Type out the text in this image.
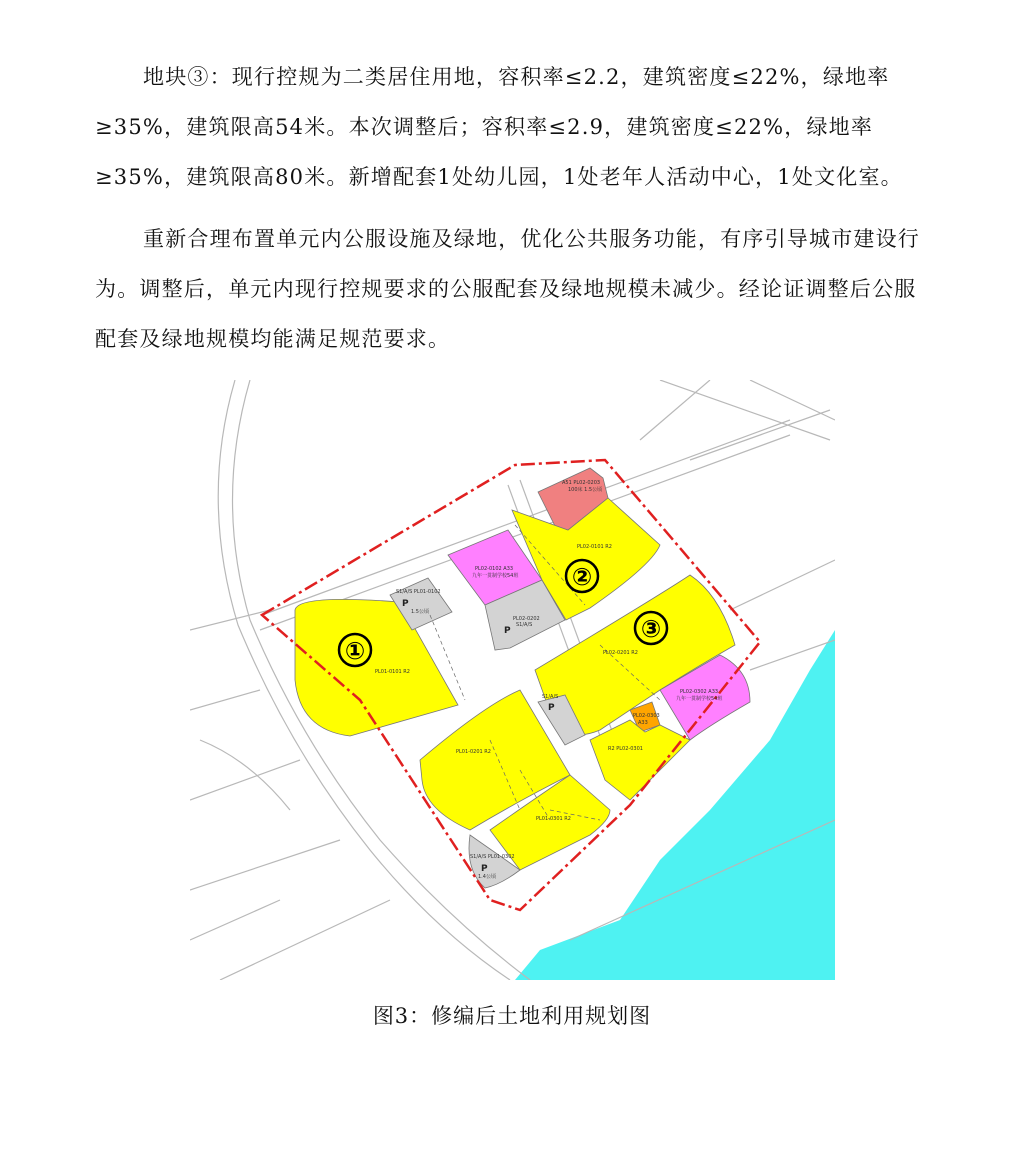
地块③：现行控规为二类居住用地，容积率≤2.2，建筑密度≤22%，绿地率≥35%，建筑限高54米。本次调整后；容积率≤2.9，建筑密度≤22%，绿地率≥35%，建筑限高80米。新增配套1处幼儿园，1处老年人活动中心，1处文化室。

重新合理布置单元内公服设施及绿地，优化公共服务功能，有序引导城市建设行为。调整后，单元内现行控规要求的公服配套及绿地规模未减少。经论证调整后公服配套及绿地规模均能满足规范要求。

①
②
③
P
P
P
P
A51 PL02-0203
100床 1.5公顷
PL02-0101 R2
PL02-0102 A33
九年一贯制学校54班
PL02-0202
S1/A/S
S1/A/S PL01-0102
1.5公顷
PL01-0101 R2
PL02-0201 R2
S1/A/S
PL02-0302 A33
九年一贯制学校54班
PL02-0303
A33
R2 PL02-0301
PL01-0201 R2
PL01-0301 R2
S1/A/S PL01-0302
1.4公顷
图3：修编后土地利用规划图
